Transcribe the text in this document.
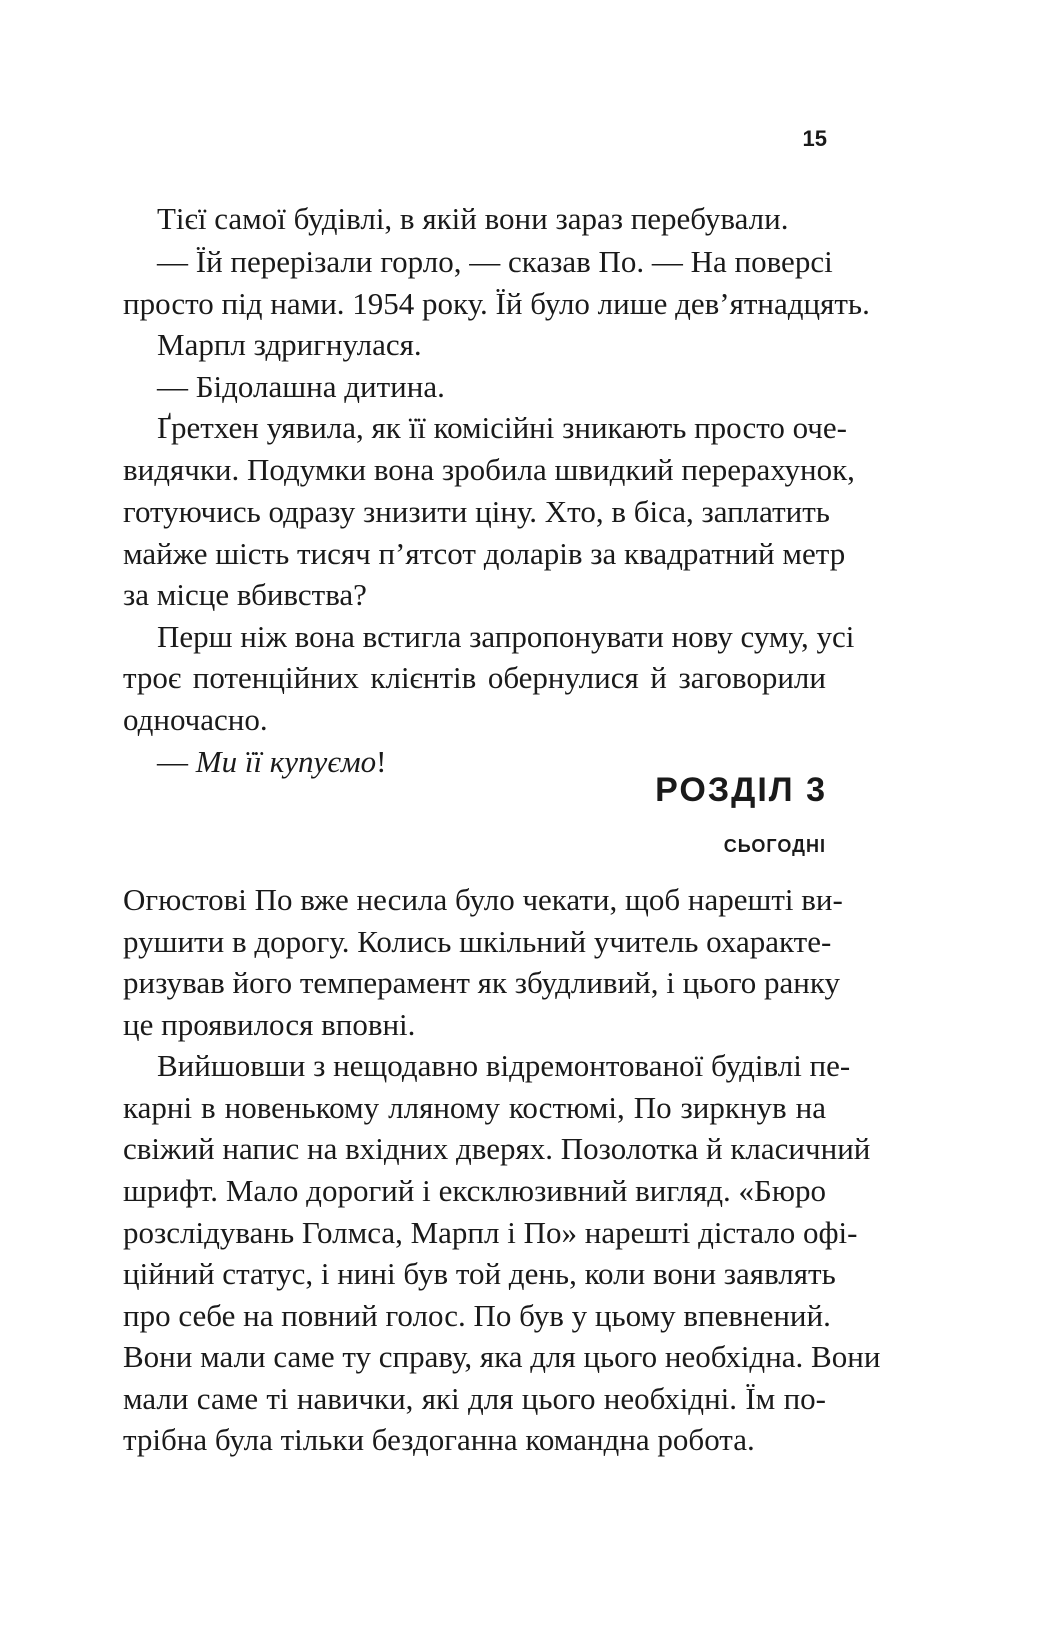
15
Тієї самої будівлі, в якій вони зараз перебували.
— Їй перерізали горло, — сказав По. — На поверсі
просто під нами. 1954 року. Їй було лише дев’ятнадцять.
Марпл здригнулася.
— Бідолашна дитина.
Ґретхен уявила, як її комісійні зникають просто оче-
видячки. Подумки вона зробила швидкий перерахунок,
готуючись одразу знизити ціну. Хто, в біса, заплатить
майже шість тисяч п’ятсот доларів за квадратний метр
за місце вбивства?
Перш ніж вона встигла запропонувати нову суму, усі
троє потенційних клієнтів обернулися й заговорили
одночасно.
— Ми її купуємо!
РОЗДІЛ 3
СЬОГОДНІ
Огюстові По вже несила було чекати, щоб нарешті ви-
рушити в дорогу. Колись шкільний учитель охаракте-
ризував його темперамент як збудливий, і цього ранку
це проявилося вповні.
Вийшовши з нещодавно відремонтованої будівлі пе-
карні в новенькому лляному костюмі, По зиркнув на
свіжий напис на вхідних дверях. Позолотка й класичний
шрифт. Мало дорогий і ексклюзивний вигляд. «Бюро
розслідувань Голмса, Марпл і По» нарешті дістало офі-
ційний статус, і нині був той день, коли вони заявлять
про себе на повний голос. По був у цьому впевнений.
Вони мали саме ту справу, яка для цього необхідна. Вони
мали саме ті навички, які для цього необхідні. Їм по-
трібна була тільки бездоганна командна робота.
